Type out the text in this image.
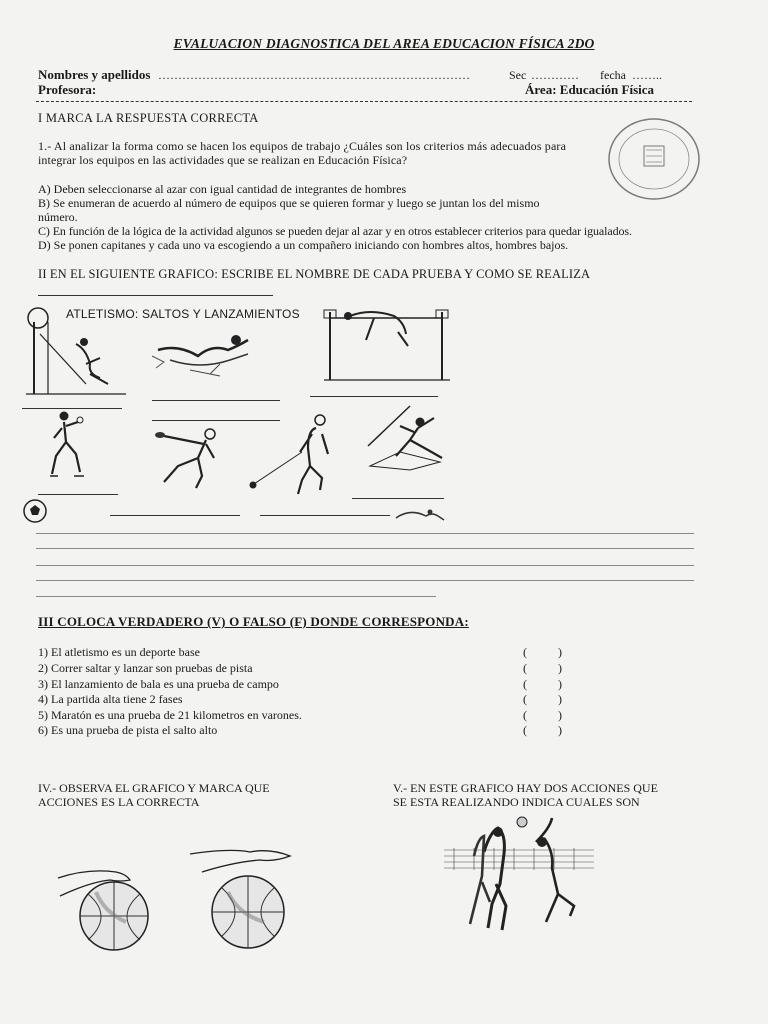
EVALUACION DIAGNOSTICA DEL AREA EDUCACION FÍSICA 2DO
Nombres y apellidos ……………………………………………………………………	Sec ………… fecha ……..
Profesora:	Área: Educación Física
I MARCA LA RESPUESTA CORRECTA
1.- Al analizar la forma como se hacen los equipos de trabajo ¿Cuáles son los criterios más adecuados para
integrar los equipos en las actividades que se realizan en Educación Física?
A) Deben seleccionarse al azar con igual cantidad de integrantes de hombres
B) Se enumeran de acuerdo al número de equipos que se quieren formar y luego se juntan los del mismo
número.
C) En función de la lógica de la actividad algunos se pueden dejar al azar y en otros establecer criterios para quedar igualados.
D) Se ponen capitanes y cada uno va escogiendo a un compañero iniciando con hombres altos, hombres bajos.
II EN EL SIGUIENTE GRAFICO: ESCRIBE EL NOMBRE DE CADA PRUEBA Y COMO SE REALIZA
ATLETISMO: SALTOS Y LANZAMIENTOS
III COLOCA VERDADERO (V) O FALSO (F) DONDE CORRESPONDA:
1) El atletismo es un deporte base	( )
2) Correr saltar y lanzar son pruebas de pista	( )
3) El lanzamiento de bala es una prueba de campo	( )
4) La partida alta tiene 2 fases	( )
5) Maratón es una prueba de 21 kilometros en varones.	( )
6) Es una prueba de pista el salto alto	( )
IV.- OBSERVA EL GRAFICO Y MARCA QUE
ACCIONES ES LA CORRECTA
V.- EN ESTE GRAFICO HAY DOS ACCIONES QUE
SE ESTA REALIZANDO INDICA CUALES SON
